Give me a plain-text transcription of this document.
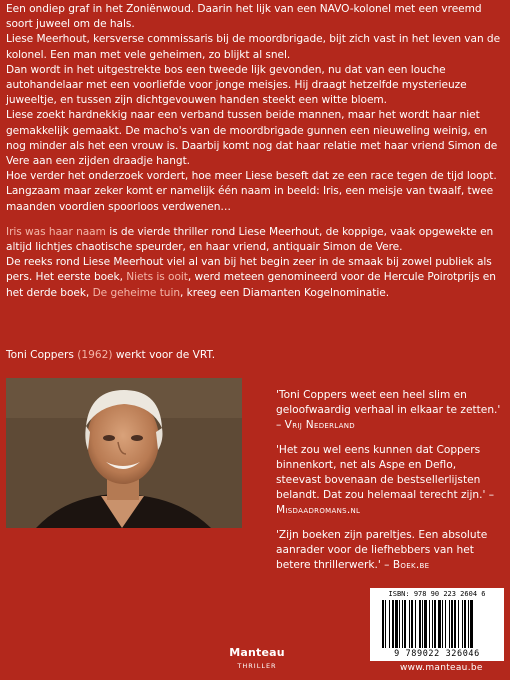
Een ondiep graf in het Zoniënwoud. Daarin het lijk van een NAVO-kolonel met een vreemd soort juweel om de hals.

Liese Meerhout, kersverse commissaris bij de moordbrigade, bijt zich vast in het leven van de kolonel. Een man met vele geheimen, zo blijkt al snel.

Dan wordt in het uitgestrekte bos een tweede lijk gevonden, nu dat van een louche autohandelaar met een voorliefde voor jonge meisjes. Hij draagt hetzelfde mysterieuze juweeltje, en tussen zijn dichtgevouwen handen steekt een witte bloem.

Liese zoekt hardnekkig naar een verband tussen beide mannen, maar het wordt haar niet gemakkelijk gemaakt. De macho's van de moordbrigade gunnen een nieuweling weinig, en nog minder als het een vrouw is. Daarbij komt nog dat haar relatie met haar vriend Simon de Vere aan een zijden draadje hangt.

Hoe verder het onderzoek vordert, hoe meer Liese beseft dat ze een race tegen de tijd loopt. Langzaam maar zeker komt er namelijk één naam in beeld: Iris, een meisje van twaalf, twee maanden voordien spoorloos verdwenen…

Iris was haar naam is de vierde thriller rond Liese Meerhout, de koppige, vaak opgewekte en altijd lichtjes chaotische speurder, en haar vriend, antiquair Simon de Vere.

De reeks rond Liese Meerhout viel al van bij het begin zeer in de smaak bij zowel publiek als pers. Het eerste boek, Niets is ooit, werd meteen genomineerd voor de Hercule Poirotprijs en het derde boek, De geheime tuin, kreeg een Diamanten Kogelnominatie.

Toni Coppers (1962) werkt voor de VRT.

'Toni Coppers weet een heel slim en geloofwaardig verhaal in elkaar te zetten.' – Vrij Nederland

'Het zou wel eens kunnen dat Coppers binnenkort, net als Aspe en Deflo, steevast bovenaan de bestsellerlijsten belandt. Dat zou helemaal terecht zijn.' – Misdaadromans.nl

'Zijn boeken zijn pareltjes. Een absolute aanrader voor de liefhebbers van het betere thrillerwerk.' – Boek.be

Manteau
THRILLER
ISBN: 978 90 223 2604 6
9 789022 326046
www.manteau.be
